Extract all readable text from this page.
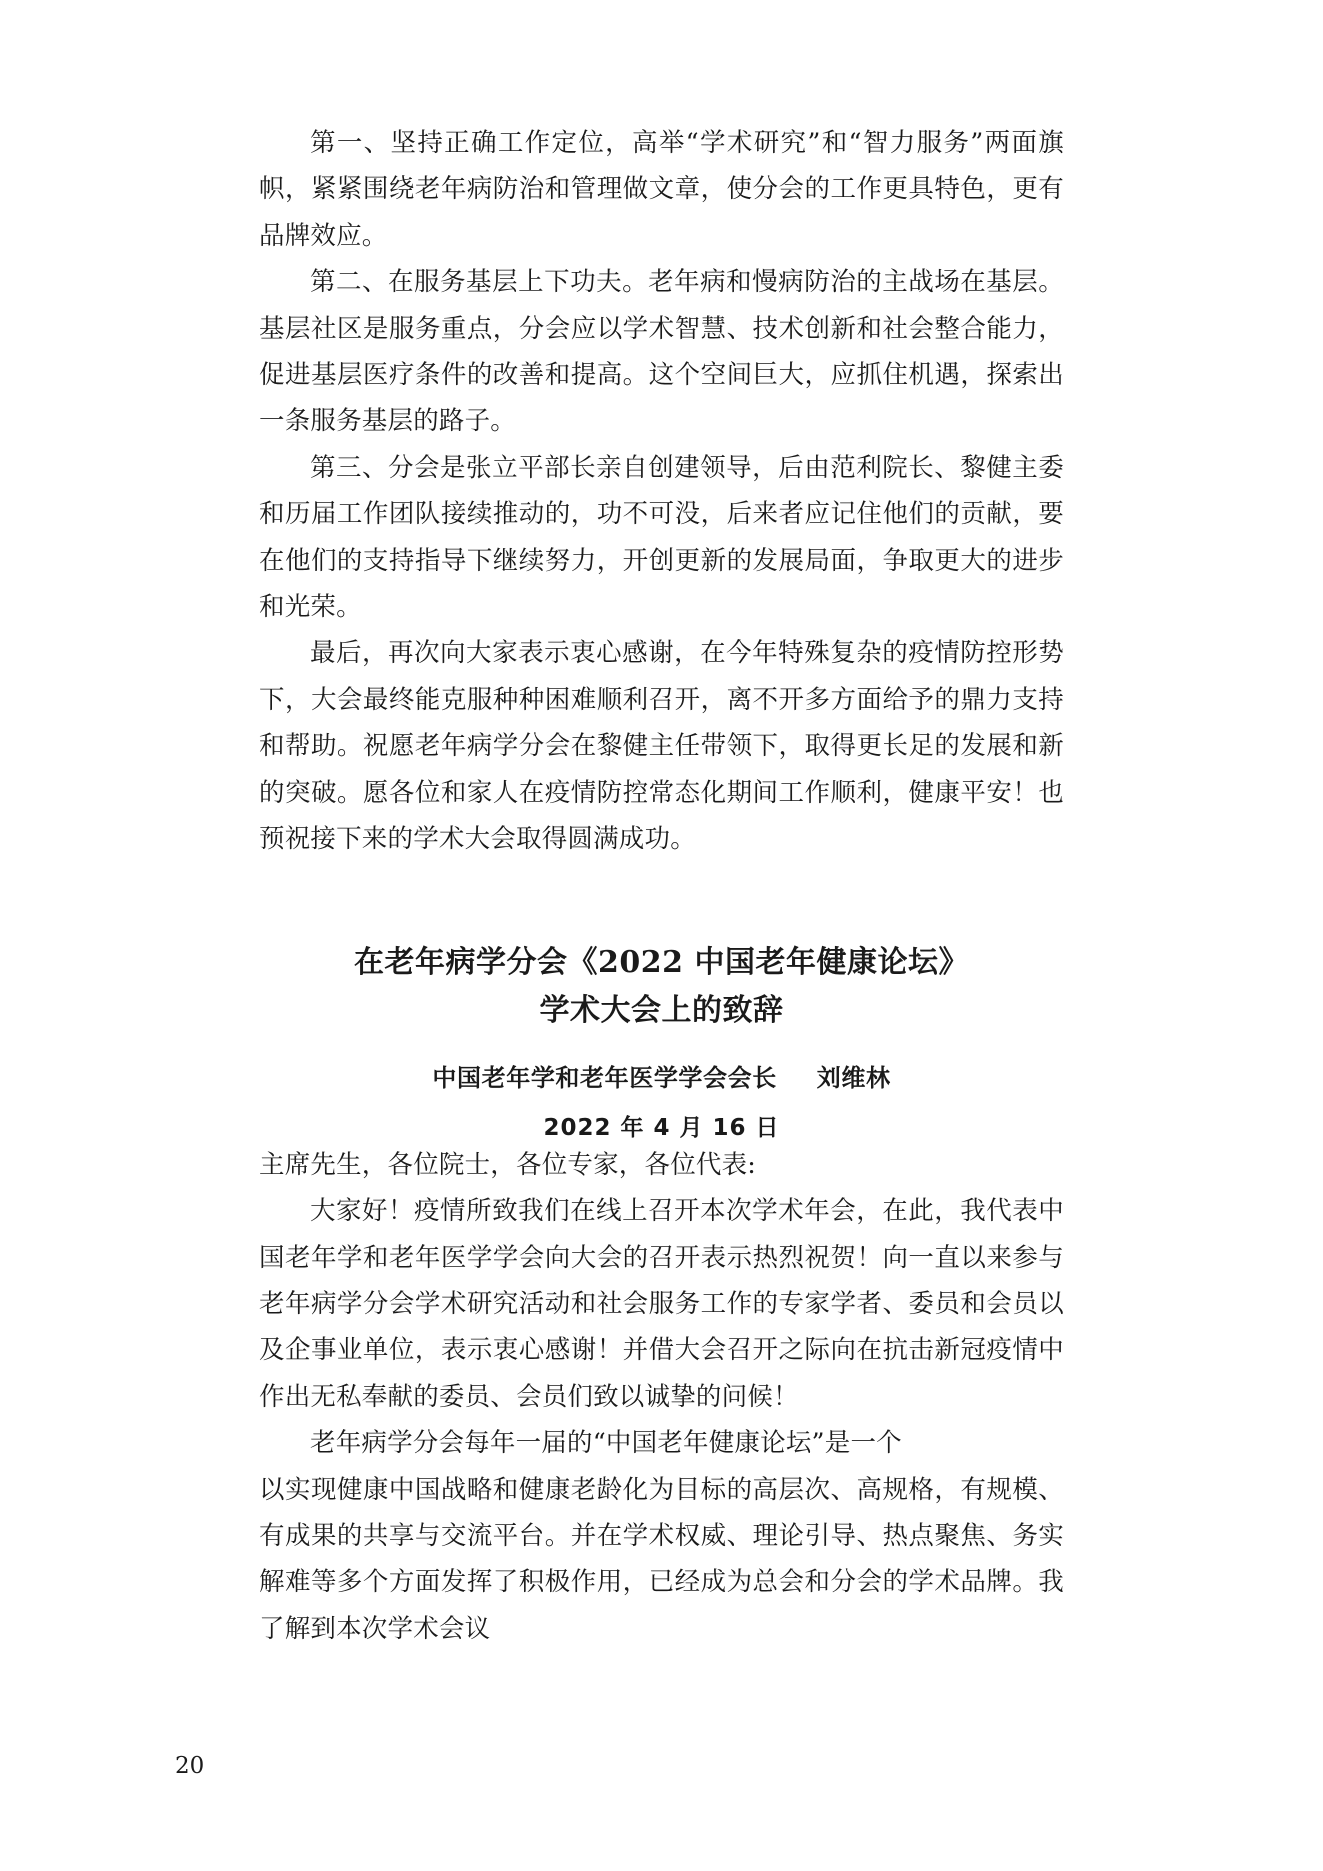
第一、坚持正确工作定位，高举“学术研究”和“智力服务”两面旗帜，紧紧围绕老年病防治和管理做文章，使分会的工作更具特色，更有品牌效应。

第二、在服务基层上下功夫。老年病和慢病防治的主战场在基层。基层社区是服务重点，分会应以学术智慧、技术创新和社会整合能力，促进基层医疗条件的改善和提高。这个空间巨大，应抓住机遇，探索出一条服务基层的路子。

第三、分会是张立平部长亲自创建领导，后由范利院长、黎健主委和历届工作团队接续推动的，功不可没，后来者应记住他们的贡献，要在他们的支持指导下继续努力，开创更新的发展局面，争取更大的进步和光荣。

最后，再次向大家表示衷心感谢，在今年特殊复杂的疫情防控形势下，大会最终能克服种种困难顺利召开，离不开多方面给予的鼎力支持和帮助。祝愿老年病学分会在黎健主任带领下，取得更长足的发展和新的突破。愿各位和家人在疫情防控常态化期间工作顺利，健康平安！也预祝接下来的学术大会取得圆满成功。

在老年病学分会《2022 中国老年健康论坛》
学术大会上的致辞
中国老年学和老年医学学会会长 刘维林
2022 年 4 月 16 日

主席先生，各位院士，各位专家，各位代表:

大家好！疫情所致我们在线上召开本次学术年会，在此，我代表中国老年学和老年医学学会向大会的召开表示热烈祝贺！向一直以来参与老年病学分会学术研究活动和社会服务工作的专家学者、委员和会员以及企事业单位，表示衷心感谢！并借大会召开之际向在抗击新冠疫情中作出无私奉献的委员、会员们致以诚挚的问候！

老年病学分会每年一届的“中国老年健康论坛”是一个

以实现健康中国战略和健康老龄化为目标的高层次、高规格，有规模、有成果的共享与交流平台。并在学术权威、理论引导、热点聚焦、务实解难等多个方面发挥了积极作用，已经成为总会和分会的学术品牌。我了解到本次学术会议

20
